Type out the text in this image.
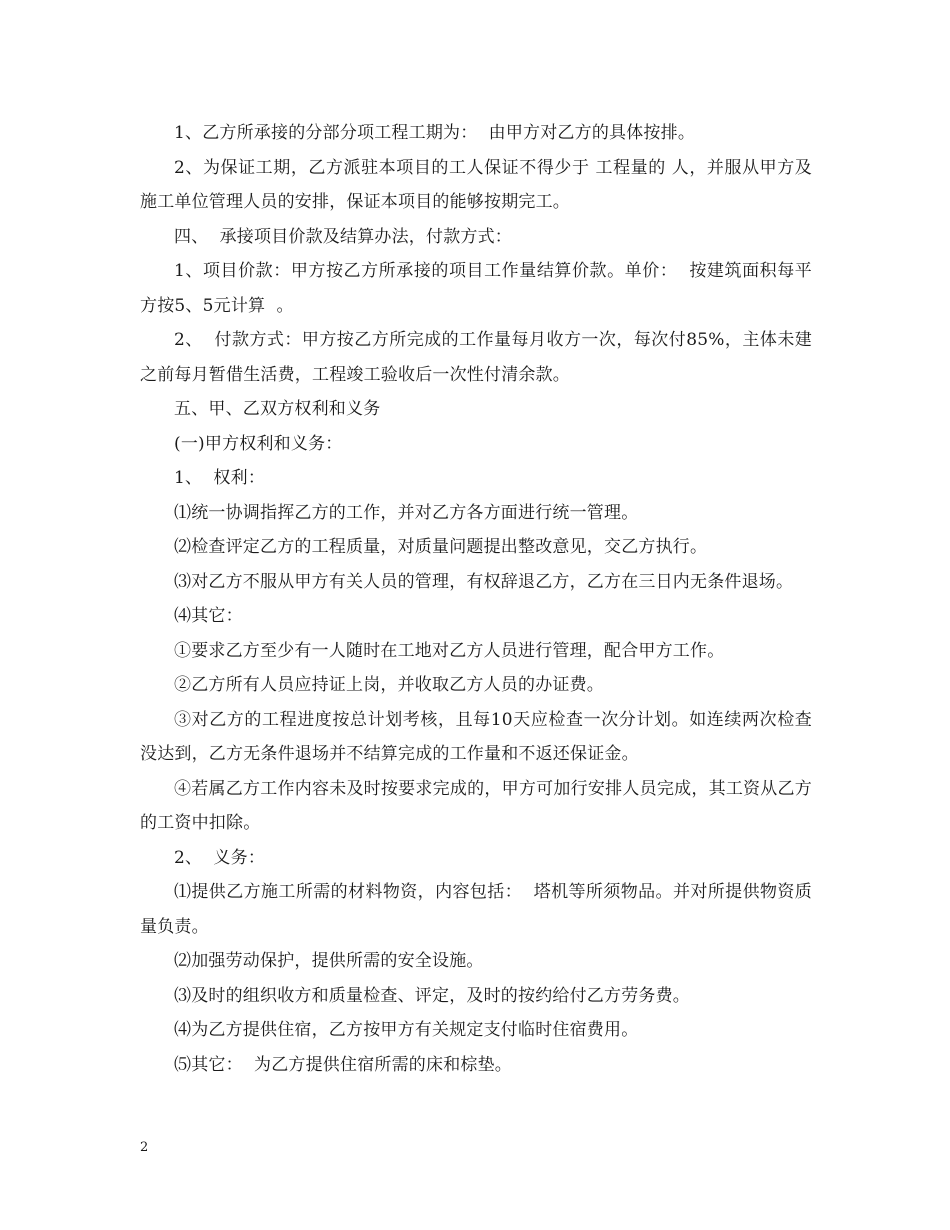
1、乙方所承接的分部分项工程工期为：  由甲方对乙方的具体按排。

2、为保证工期，乙方派驻本项目的工人保证不得少于 工程量的 人，并服从甲方及施工单位管理人员的安排，保证本项目的能够按期完工。

四、  承接项目价款及结算办法，付款方式：

1、项目价款：甲方按乙方所承接的项目工作量结算价款。单价：  按建筑面积每平方按5、5元计算  。

2、  付款方式：甲方按乙方所完成的工作量每月收方一次，每次付85%，主体未建之前每月暂借生活费，工程竣工验收后一次性付清余款。

五、甲、乙双方权利和义务

(一)甲方权利和义务：

1、  权利：

⑴统一协调指挥乙方的工作，并对乙方各方面进行统一管理。

⑵检查评定乙方的工程质量，对质量问题提出整改意见，交乙方执行。

⑶对乙方不服从甲方有关人员的管理，有权辞退乙方，乙方在三日内无条件退场。

⑷其它：

①要求乙方至少有一人随时在工地对乙方人员进行管理，配合甲方工作。

②乙方所有人员应持证上岗，并收取乙方人员的办证费。

③对乙方的工程进度按总计划考核，且每10天应检查一次分计划。如连续两次检查没达到，乙方无条件退场并不结算完成的工作量和不返还保证金。

④若属乙方工作内容未及时按要求完成的，甲方可加行安排人员完成，其工资从乙方的工资中扣除。

2、  义务：

⑴提供乙方施工所需的材料物资，内容包括：  塔机等所须物品。并对所提供物资质量负责。

⑵加强劳动保护，提供所需的安全设施。

⑶及时的组织收方和质量检查、评定，及时的按约给付乙方劳务费。

⑷为乙方提供住宿，乙方按甲方有关规定支付临时住宿费用。

⑸其它：  为乙方提供住宿所需的床和棕垫。

2
